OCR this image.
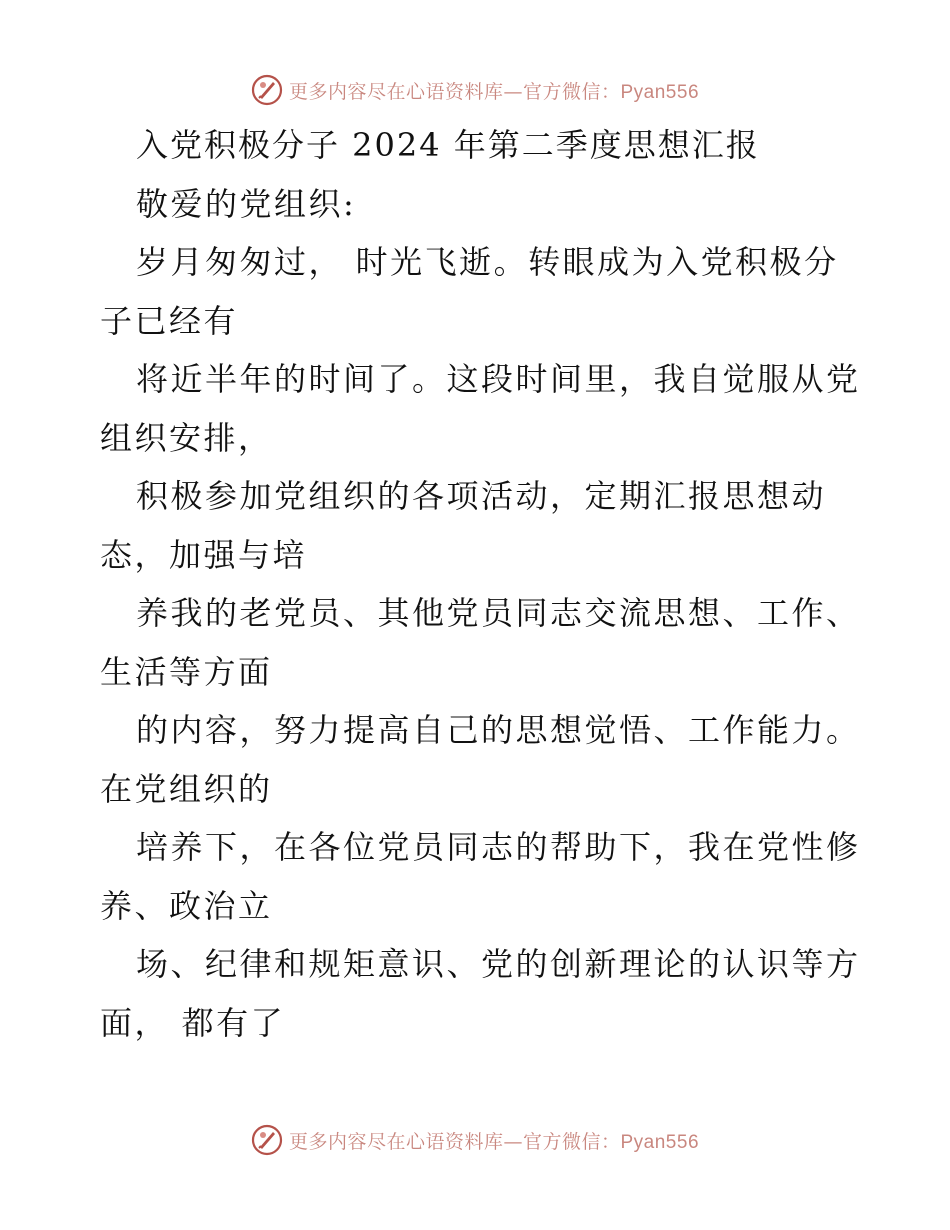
更多内容尽在心语资料库—官方微信：Pyan556
入党积极分子 2024 年第二季度思想汇报
敬爱的党组织:
岁月匆匆过， 时光飞逝。转眼成为入党积极分
子已经有
将近半年的时间了。这段时间里，我自觉服从党
组织安排，
积极参加党组织的各项活动，定期汇报思想动
态，加强与培
养我的老党员、其他党员同志交流思想、工作、
生活等方面
的内容，努力提高自己的思想觉悟、工作能力。
在党组织的
培养下，在各位党员同志的帮助下，我在党性修
养、政治立
场、纪律和规矩意识、党的创新理论的认识等方
面， 都有了
更多内容尽在心语资料库—官方微信：Pyan556
